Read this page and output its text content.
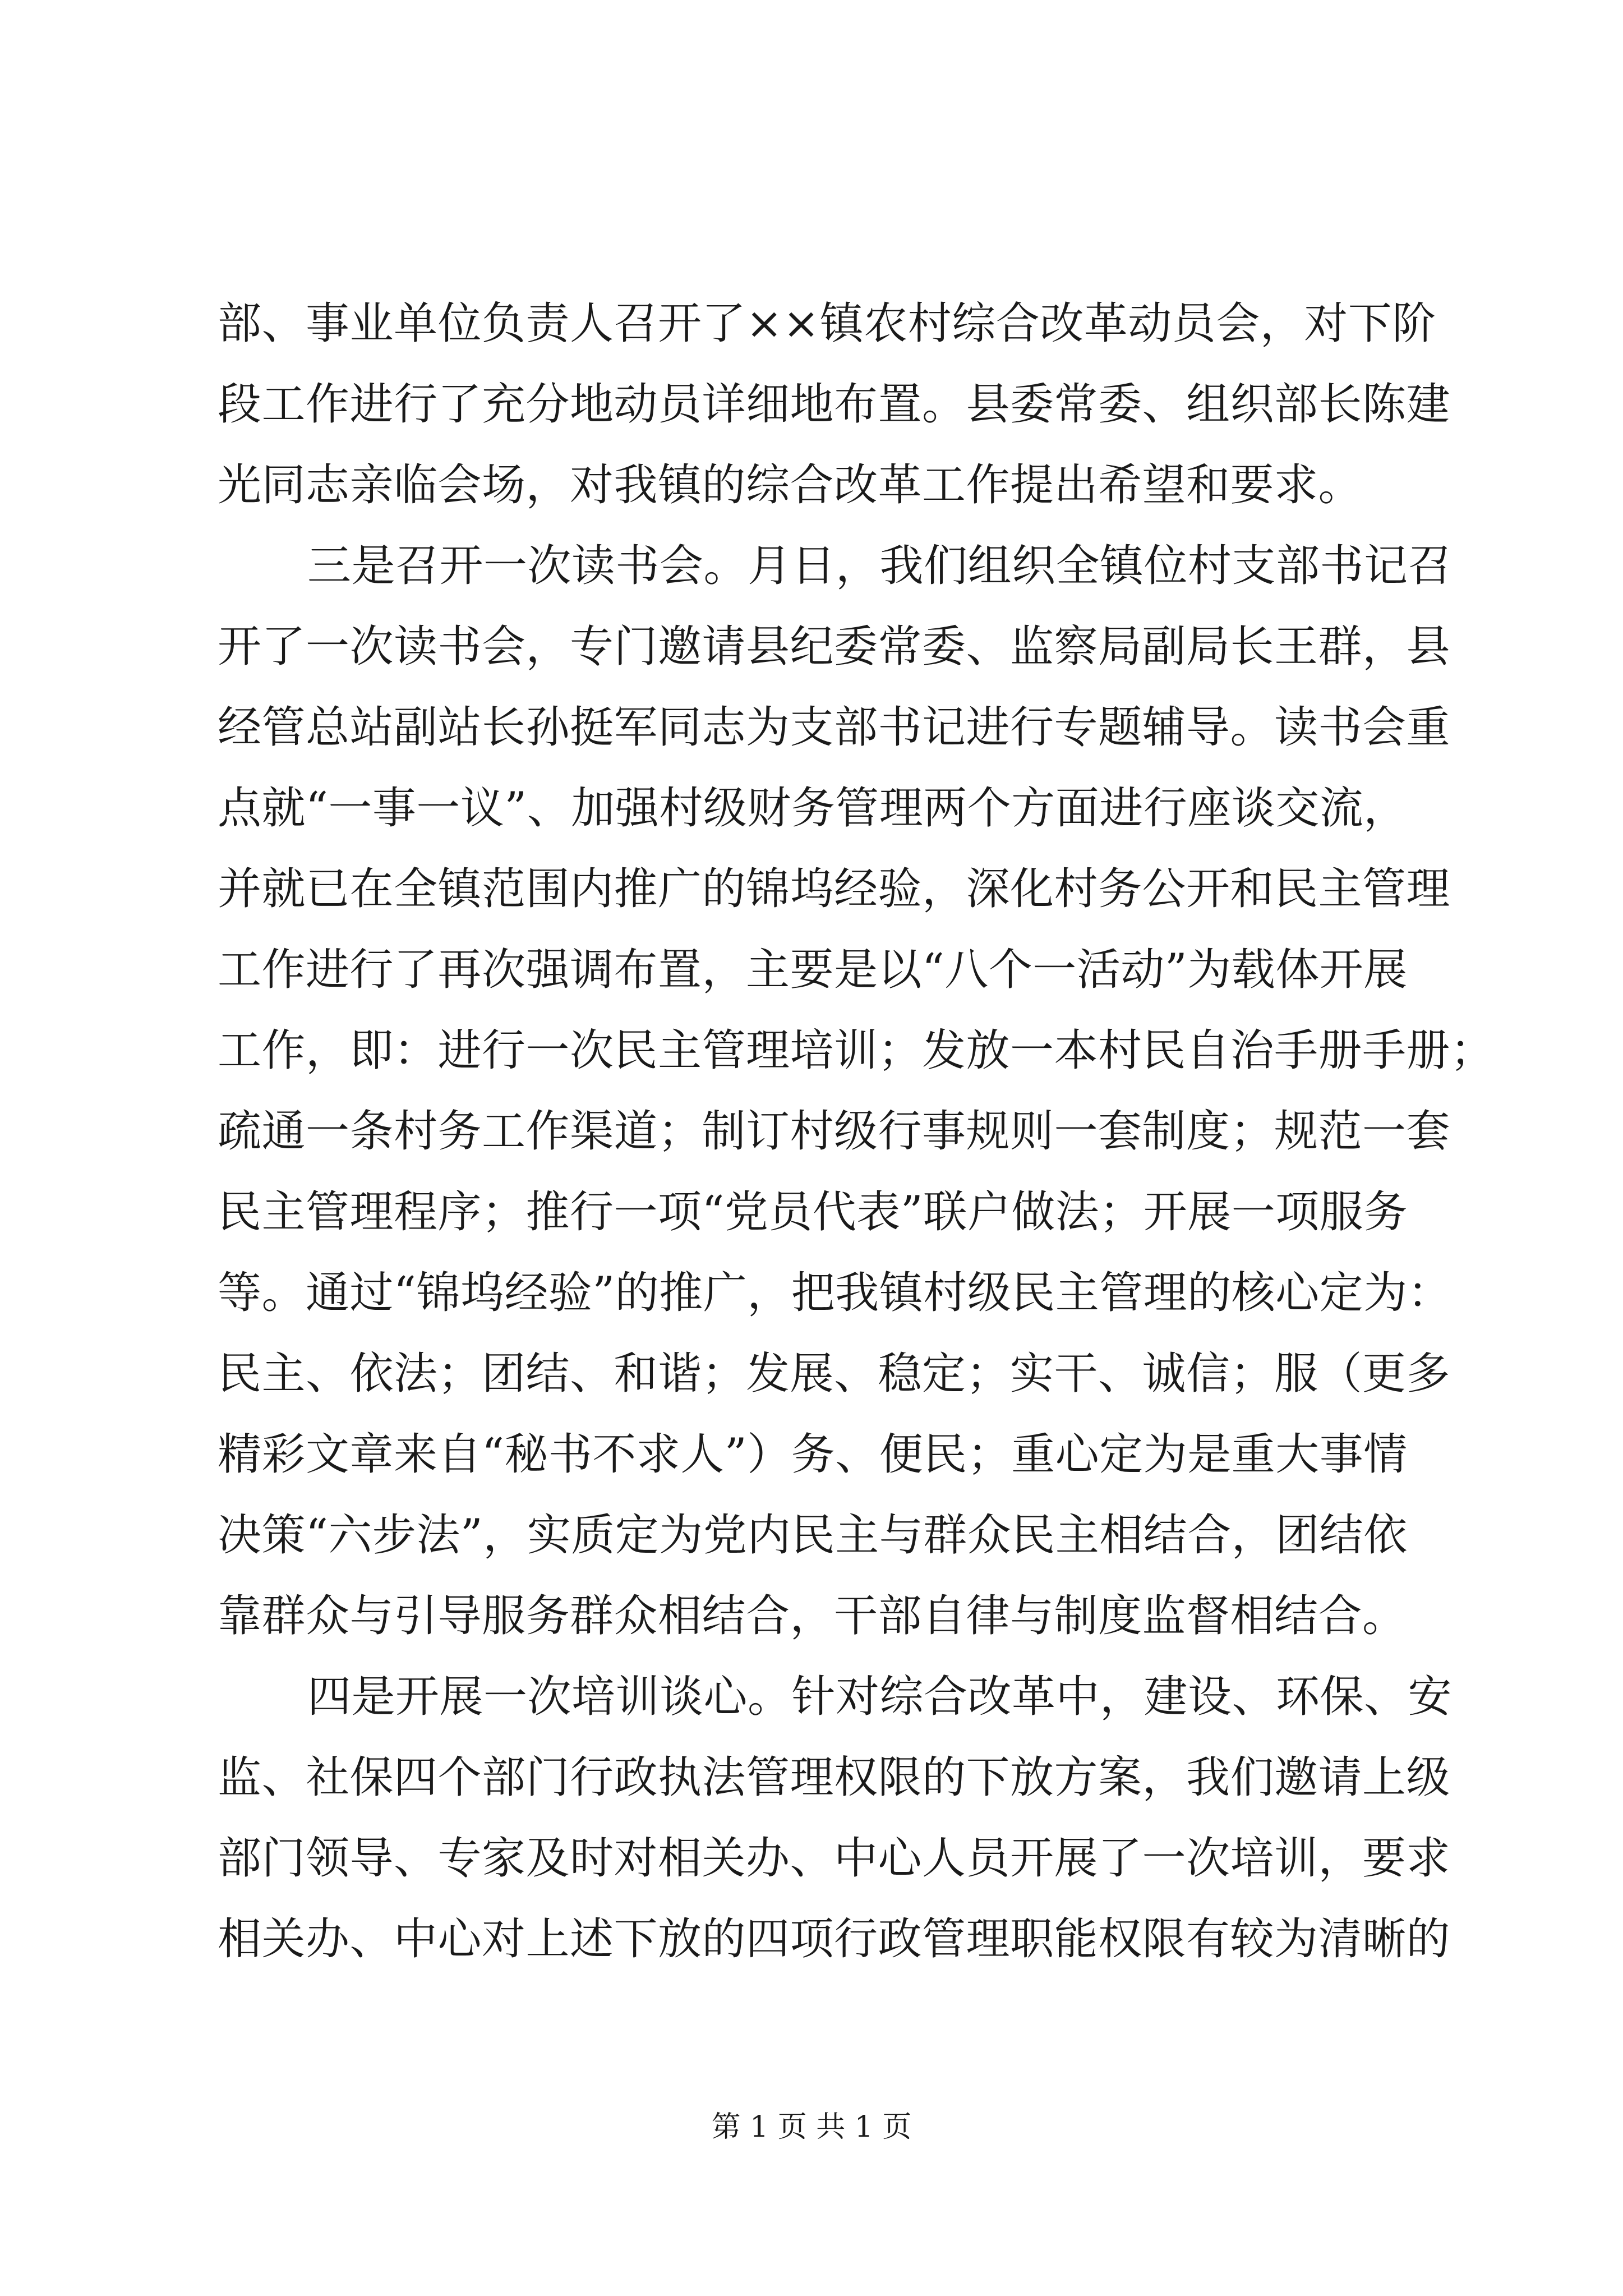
部、事业单位负责人召开了××镇农村综合改革动员会，对下阶
段工作进行了充分地动员详细地布置。县委常委、组织部长陈建
光同志亲临会场，对我镇的综合改革工作提出希望和要求。
三是召开一次读书会。月日，我们组织全镇位村支部书记召
开了一次读书会，专门邀请县纪委常委、监察局副局长王群，县
经管总站副站长孙挺军同志为支部书记进行专题辅导。读书会重
点就“一事一议”、加强村级财务管理两个方面进行座谈交流，
并就已在全镇范围内推广的锦坞经验，深化村务公开和民主管理
工作进行了再次强调布置，主要是以“八个一活动”为载体开展
工作，即：进行一次民主管理培训；发放一本村民自治手册手册；
疏通一条村务工作渠道；制订村级行事规则一套制度；规范一套
民主管理程序；推行一项“党员代表”联户做法；开展一项服务
等。通过“锦坞经验”的推广，把我镇村级民主管理的核心定为：
民主、依法；团结、和谐；发展、稳定；实干、诚信；服（更多
精彩文章来自“秘书不求人”）务、便民；重心定为是重大事情
决策“六步法”，实质定为党内民主与群众民主相结合，团结依
靠群众与引导服务群众相结合，干部自律与制度监督相结合。
四是开展一次培训谈心。针对综合改革中，建设、环保、安
监、社保四个部门行政执法管理权限的下放方案，我们邀请上级
部门领导、专家及时对相关办、中心人员开展了一次培训，要求
相关办、中心对上述下放的四项行政管理职能权限有较为清晰的
第 1 页 共 1 页
